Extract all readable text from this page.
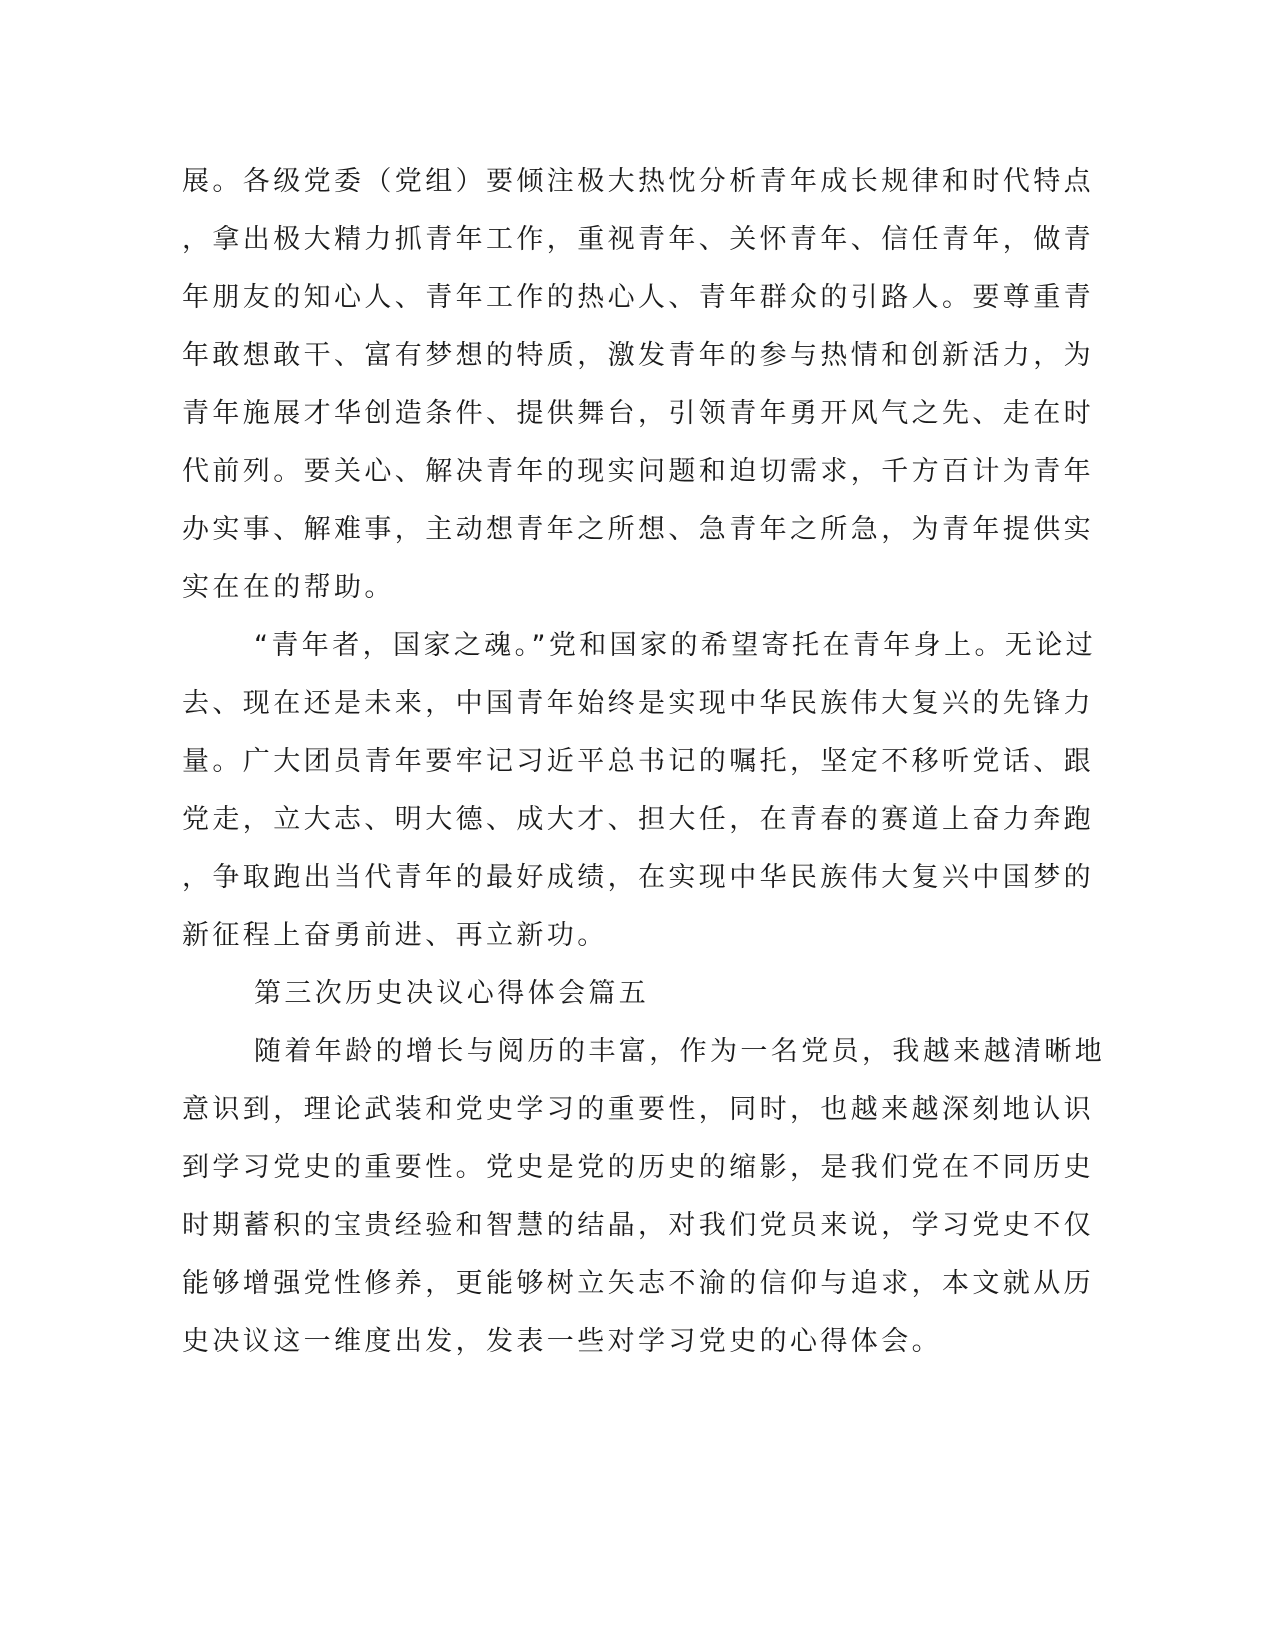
展。各级党委（党组）要倾注极大热忱分析青年成长规律和时代特点

，拿出极大精力抓青年工作，重视青年、关怀青年、信任青年，做青

年朋友的知心人、青年工作的热心人、青年群众的引路人。要尊重青

年敢想敢干、富有梦想的特质，激发青年的参与热情和创新活力，为

青年施展才华创造条件、提供舞台，引领青年勇开风气之先、走在时

代前列。要关心、解决青年的现实问题和迫切需求，千方百计为青年

办实事、解难事，主动想青年之所想、急青年之所急，为青年提供实

实在在的帮助。

“青年者，国家之魂。”党和国家的希望寄托在青年身上。无论过

去、现在还是未来，中国青年始终是实现中华民族伟大复兴的先锋力

量。广大团员青年要牢记习近平总书记的嘱托，坚定不移听党话、跟

党走，立大志、明大德、成大才、担大任，在青春的赛道上奋力奔跑

，争取跑出当代青年的最好成绩，在实现中华民族伟大复兴中国梦的

新征程上奋勇前进、再立新功。

第三次历史决议心得体会篇五

随着年龄的增长与阅历的丰富，作为一名党员，我越来越清晰地

意识到，理论武装和党史学习的重要性，同时，也越来越深刻地认识

到学习党史的重要性。党史是党的历史的缩影，是我们党在不同历史

时期蓄积的宝贵经验和智慧的结晶，对我们党员来说，学习党史不仅

能够增强党性修养，更能够树立矢志不渝的信仰与追求，本文就从历

史决议这一维度出发，发表一些对学习党史的心得体会。
